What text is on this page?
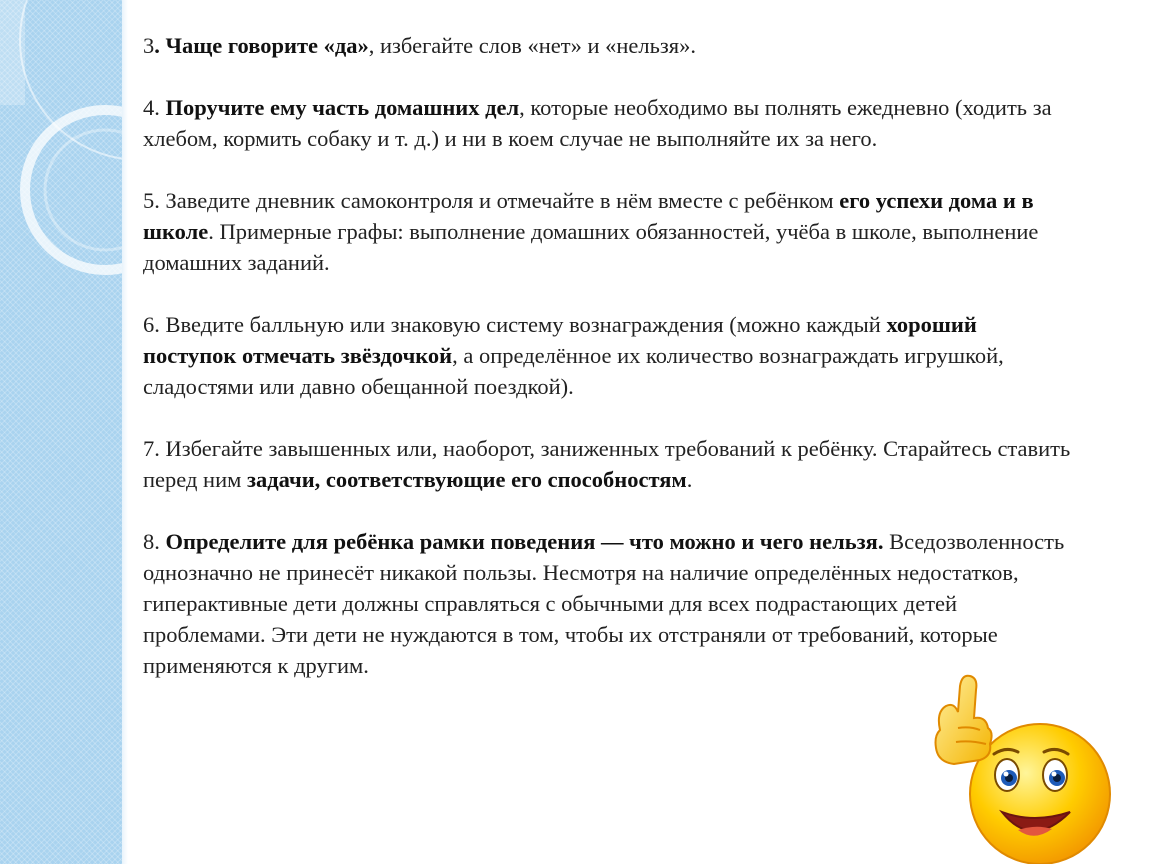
3. Чаще говорите «да», избегайте слов «нет» и «нельзя».

4. Поручите ему часть домашних дел, которые необходимо вы полнять ежедневно (ходить за хлебом, кормить собаку и т. д.) и ни в коем случае не выполняйте их за него.

5. Заведите дневник самоконтроля и отмечайте в нём вместе с ребёнком его успехи дома и в школе. Примерные графы: выполнение домашних обязанностей, учёба в школе, выполнение домашних заданий.

6. Введите балльную или знаковую систему вознаграждения (можно каждый хороший поступок отмечать звёздочкой, а определённое их количество вознаграждать игрушкой, сладостями или давно обещанной поездкой).

7. Избегайте завышенных или, наоборот, заниженных требований к ребёнку. Старайтесь ставить перед ним задачи, соответствующие его способностям.

8. Определите для ребёнка рамки поведения — что можно и чего нельзя. Вседозволенность однозначно не принесёт никакой пользы. Несмотря на наличие определённых недостатков, гиперактивные дети должны справляться с обычными для всех подрастающих детей проблемами. Эти дети не нуждаются в том, чтобы их отстраняли от требований, которые применяются к другим.
